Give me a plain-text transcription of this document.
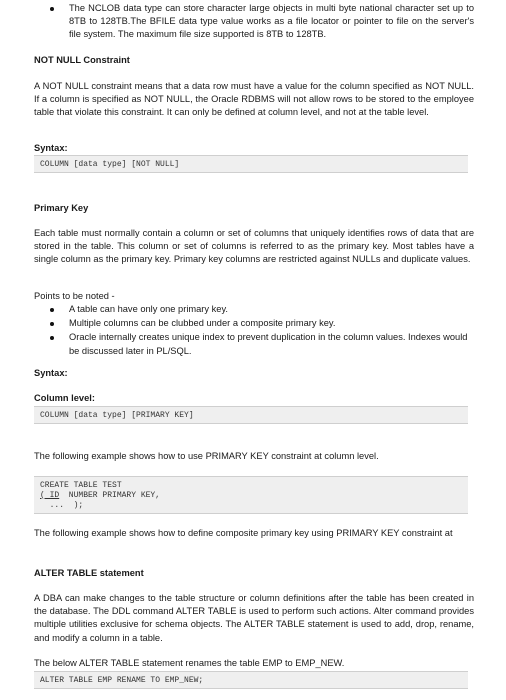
The NCLOB data type can store character large objects in multi byte national character set up to 8TB to 128TB.The BFILE data type value works as a file locator or pointer to file on the server's file system. The maximum file size supported is 8TB to 128TB.
NOT NULL Constraint
A NOT NULL constraint means that a data row must have a value for the column specified as NOT NULL. If a column is specified as NOT NULL, the Oracle RDBMS will not allow rows to be stored to the employee table that violate this constraint. It can only be defined at column level, and not at the table level.
Syntax:
COLUMN [data type] [NOT NULL]
Primary Key
Each table must normally contain a column or set of columns that uniquely identifies rows of data that are stored in the table. This column or set of columns is referred to as the primary key. Most tables have a single column as the primary key. Primary key columns are restricted against NULLs and duplicate values.
Points to be noted -
A table can have only one primary key.
Multiple columns can be clubbed under a composite primary key.
Oracle internally creates unique index to prevent duplication in the column values. Indexes would be discussed later in PL/SQL.
Syntax:
Column level:
COLUMN [data type] [PRIMARY KEY]
The following example shows how to use PRIMARY KEY constraint at column level.
CREATE TABLE TEST
( ID  NUMBER PRIMARY KEY,
...  );
The following example shows how to define composite primary key using PRIMARY KEY constraint at
ALTER TABLE statement
A DBA can make changes to the table structure or column definitions after the table has been created in the database. The DDL command ALTER TABLE is used to perform such actions. Alter command provides multiple utilities exclusive for schema objects. The ALTER TABLE statement is used to add, drop, rename, and modify a column in a table.
The below ALTER TABLE statement renames the table EMP to EMP_NEW.
ALTER TABLE EMP RENAME TO EMP_NEW;
